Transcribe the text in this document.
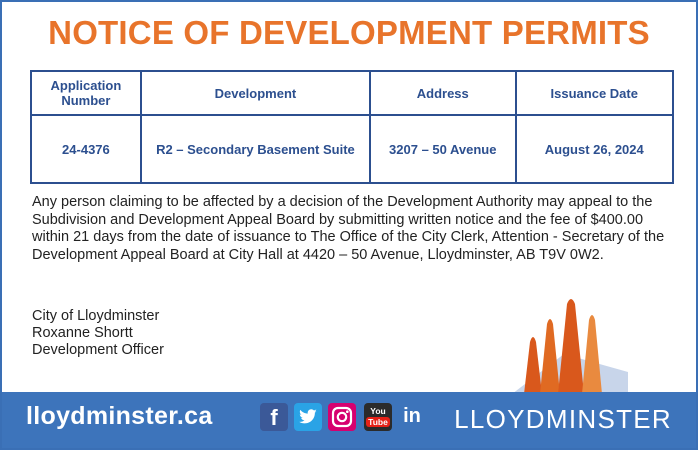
NOTICE OF DEVELOPMENT PERMITS
Application Number	Development	Address	Issuance Date
24-4376	R2 – Secondary Basement Suite	3207 – 50 Avenue	August 26, 2024
Any person claiming to be affected by a decision of the Development Authority may appeal to the Subdivision and Development Appeal Board by submitting written notice and the fee of $400.00 within 21 days from the date of issuance to The Office of the City Clerk, Attention - Secretary of the Development Appeal Board at City Hall at 4420 – 50 Avenue, Lloydminster, AB T9V 0W2.
City of Lloydminster
Roxanne Shortt
Development Officer
lloydminster.ca	f	You
Tube in LLOYDMINSTER
